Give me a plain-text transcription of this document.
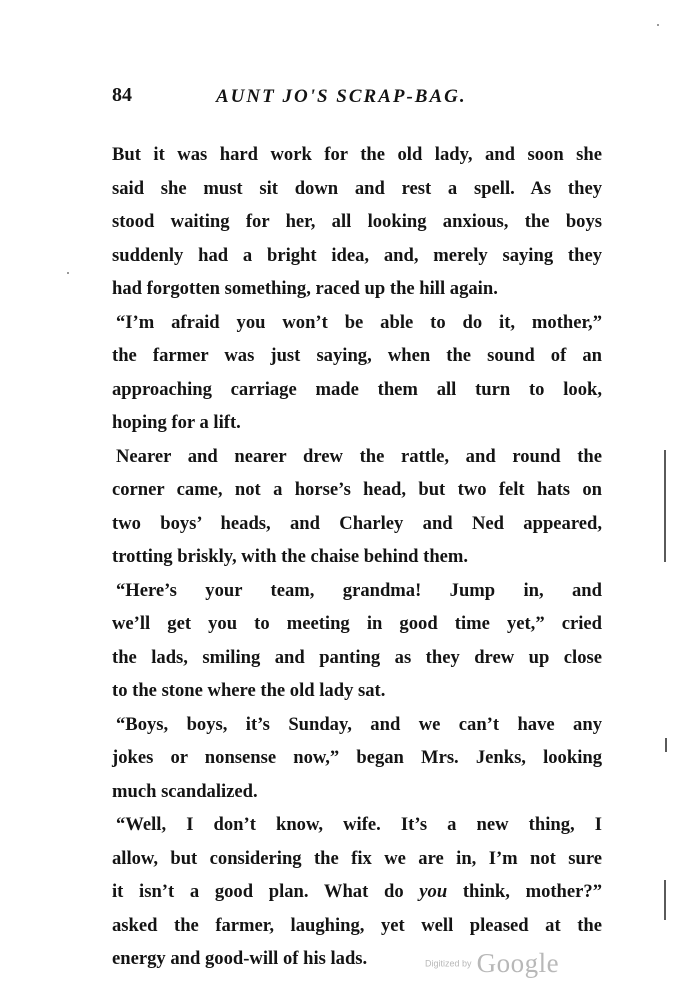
84	AUNT JO'S SCRAP-BAG.
But it was hard work for the old lady, and soon she
said she must sit down and rest a spell. As they
stood waiting for her, all looking anxious, the boys
suddenly had a bright idea, and, merely saying they
had forgotten something, raced up the hill again.
“I’m afraid you won’t be able to do it, mother,”
the farmer was just saying, when the sound of an
approaching carriage made them all turn to look,
hoping for a lift.
Nearer and nearer drew the rattle, and round the
corner came, not a horse’s head, but two felt hats on
two boys’ heads, and Charley and Ned appeared,
trotting briskly, with the chaise behind them.
“Here’s your team, grandma! Jump in, and
we’ll get you to meeting in good time yet,” cried
the lads, smiling and panting as they drew up close
to the stone where the old lady sat.
“Boys, boys, it’s Sunday, and we can’t have any
jokes or nonsense now,” began Mrs. Jenks, looking
much scandalized.
“Well, I don’t know, wife. It’s a new thing, I
allow, but considering the fix we are in, I’m not sure
it isn’t a good plan. What do you think, mother?”
asked the farmer, laughing, yet well pleased at the
energy and good-will of his lads.	Digitized by Google
